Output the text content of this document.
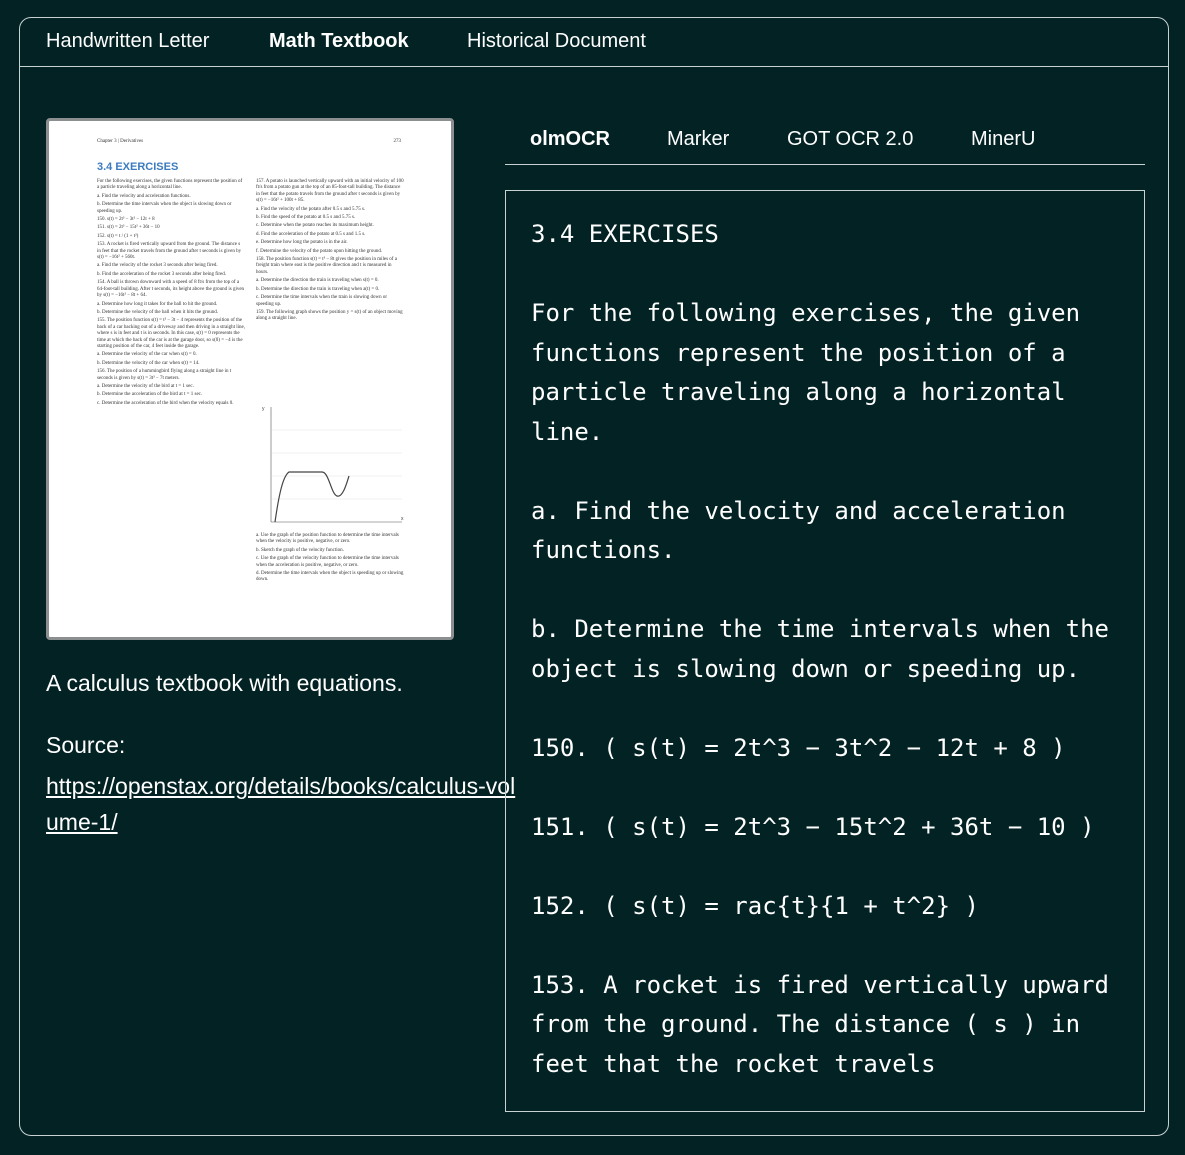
Handwritten Letter	Math Textbook	Historical Document
Chapter 3 | Derivatives	273
3.4 EXERCISES
For the following exercises, the given functions represent the position of a particle traveling along a horizontal line.
a. Find the velocity and acceleration functions.
b. Determine the time intervals when the object is slowing down or speeding up.
150. s(t) = 2t³ − 3t² − 12t + 8
151. s(t) = 2t³ − 15t² + 36t − 10
152. s(t) = t / (1 + t²)
153. A rocket is fired vertically upward from the ground. The distance s in feet that the rocket travels from the ground after t seconds is given by s(t) = −16t² + 560t.
a. Find the velocity of the rocket 3 seconds after being fired.
b. Find the acceleration of the rocket 3 seconds after being fired.
154. A ball is thrown downward with a speed of 8 ft/s from the top of a 64-foot-tall building. After t seconds, its height above the ground is given by s(t) = −16t² − 8t + 64.
a. Determine how long it takes for the ball to hit the ground.
b. Determine the velocity of the ball when it hits the ground.
155. The position function s(t) = t² − 3t − 4 represents the position of the back of a car backing out of a driveway and then driving in a straight line, where s is in feet and t is in seconds. In this case, s(t) = 0 represents the time at which the back of the car is at the garage door, so s(0) = −4 is the starting position of the car, 4 feet inside the garage.
a. Determine the velocity of the car when s(t) = 0.
b. Determine the velocity of the car when s(t) = 14.
156. The position of a hummingbird flying along a straight line in t seconds is given by s(t) = 3t³ − 7t meters.
a. Determine the velocity of the bird at t = 1 sec.
b. Determine the acceleration of the bird at t = 1 sec.
c. Determine the acceleration of the bird when the velocity equals 0.
157. A potato is launched vertically upward with an initial velocity of 100 ft/s from a potato gun at the top of an 85-foot-tall building. The distance in feet that the potato travels from the ground after t seconds is given by s(t) = −16t² + 100t + 85.
a. Find the velocity of the potato after 0.5 s and 5.75 s.
b. Find the speed of the potato at 0.5 s and 5.75 s.
c. Determine when the potato reaches its maximum height.
d. Find the acceleration of the potato at 0.5 s and 1.5 s.
e. Determine how long the potato is in the air.
f. Determine the velocity of the potato upon hitting the ground.
158. The position function s(t) = t³ − 8t gives the position in miles of a freight train where east is the positive direction and t is measured in hours.
a. Determine the direction the train is traveling when s(t) = 0.
b. Determine the direction the train is traveling when a(t) = 0.
c. Determine the time intervals when the train is slowing down or speeding up.
159. The following graph shows the position y = s(t) of an object moving along a straight line.
y
x
a. Use the graph of the position function to determine the time intervals when the velocity is positive, negative, or zero.
b. Sketch the graph of the velocity function.
c. Use the graph of the velocity function to determine the time intervals when the acceleration is positive, negative, or zero.
d. Determine the time intervals when the object is speeding up or slowing down.
A calculus textbook with equations.
Source:
https://openstax.org/details/books/calculus-volume-1/
olmOCR	Marker	GOT OCR 2.0	MinerU
3.4 EXERCISES

For the following exercises, the given functions represent the position of a particle traveling along a horizontal line.

a. Find the velocity and acceleration functions.

b. Determine the time intervals when the object is slowing down or speeding up.

150. ( s(t) = 2t^3 − 3t^2 − 12t + 8 )

151. ( s(t) = 2t^3 − 15t^2 + 36t − 10 )

152. ( s(t) = rac{t}{1 + t^2} )

153. A rocket is fired vertically upward from the ground. The distance ( s ) in feet that the rocket travels
